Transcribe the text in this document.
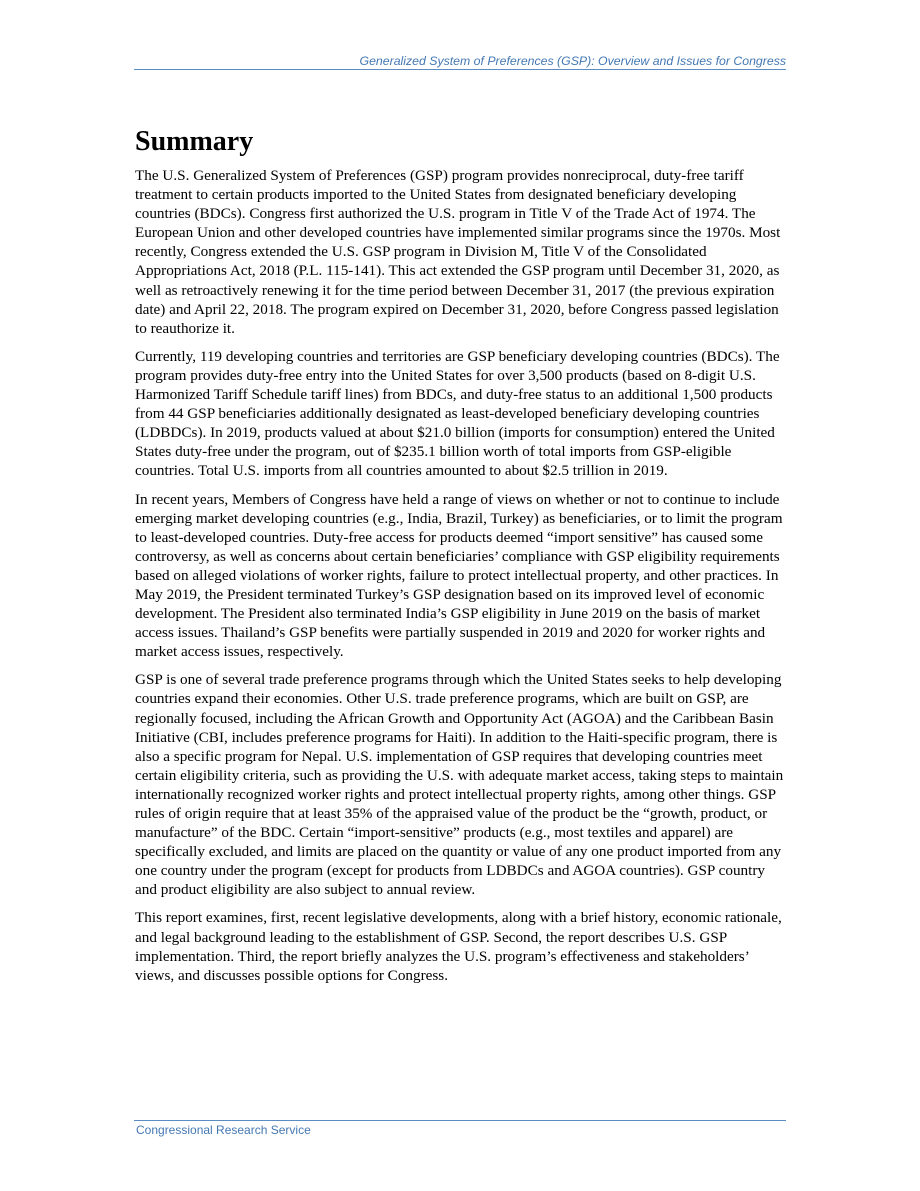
Generalized System of Preferences (GSP): Overview and Issues for Congress
Summary

The U.S. Generalized System of Preferences (GSP) program provides nonreciprocal, duty-free tariff treatment to certain products imported to the United States from designated beneficiary developing countries (BDCs). Congress first authorized the U.S. program in Title V of the Trade Act of 1974. The European Union and other developed countries have implemented similar programs since the 1970s. Most recently, Congress extended the U.S. GSP program in Division M, Title V of the Consolidated Appropriations Act, 2018 (P.L. 115-141). This act extended the GSP program until December 31, 2020, as well as retroactively renewing it for the time period between December 31, 2017 (the previous expiration date) and April 22, 2018. The program expired on December 31, 2020, before Congress passed legislation to reauthorize it.

Currently, 119 developing countries and territories are GSP beneficiary developing countries (BDCs). The program provides duty-free entry into the United States for over 3,500 products (based on 8-digit U.S. Harmonized Tariff Schedule tariff lines) from BDCs, and duty-free status to an additional 1,500 products from 44 GSP beneficiaries additionally designated as least-developed beneficiary developing countries (LDBDCs). In 2019, products valued at about $21.0 billion (imports for consumption) entered the United States duty-free under the program, out of $235.1 billion worth of total imports from GSP-eligible countries. Total U.S. imports from all countries amounted to about $2.5 trillion in 2019.

In recent years, Members of Congress have held a range of views on whether or not to continue to include emerging market developing countries (e.g., India, Brazil, Turkey) as beneficiaries, or to limit the program to least-developed countries. Duty-free access for products deemed “import sensitive” has caused some controversy, as well as concerns about certain beneficiaries’ compliance with GSP eligibility requirements based on alleged violations of worker rights, failure to protect intellectual property, and other practices. In May 2019, the President terminated Turkey’s GSP designation based on its improved level of economic development. The President also terminated India’s GSP eligibility in June 2019 on the basis of market access issues. Thailand’s GSP benefits were partially suspended in 2019 and 2020 for worker rights and market access issues, respectively.

GSP is one of several trade preference programs through which the United States seeks to help developing countries expand their economies. Other U.S. trade preference programs, which are built on GSP, are regionally focused, including the African Growth and Opportunity Act (AGOA) and the Caribbean Basin Initiative (CBI, includes preference programs for Haiti). In addition to the Haiti-specific program, there is also a specific program for Nepal. U.S. implementation of GSP requires that developing countries meet certain eligibility criteria, such as providing the U.S. with adequate market access, taking steps to maintain internationally recognized worker rights and protect intellectual property rights, among other things. GSP rules of origin require that at least 35% of the appraised value of the product be the “growth, product, or manufacture” of the BDC. Certain “import-sensitive” products (e.g., most textiles and apparel) are specifically excluded, and limits are placed on the quantity or value of any one product imported from any one country under the program (except for products from LDBDCs and AGOA countries). GSP country and product eligibility are also subject to annual review.

This report examines, first, recent legislative developments, along with a brief history, economic rationale, and legal background leading to the establishment of GSP. Second, the report describes U.S. GSP implementation. Third, the report briefly analyzes the U.S. program’s effectiveness and stakeholders’ views, and discusses possible options for Congress.

Congressional Research Service
